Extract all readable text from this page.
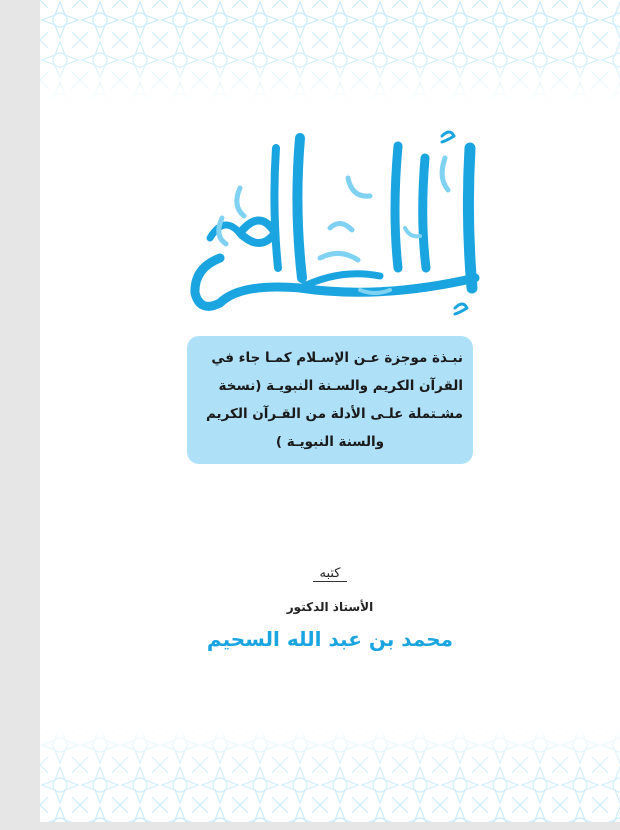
نبـذة موجزة عـن الإسـلام كمـا جاء في
القرآن الكريم والسـنة النبويـة (نسخة
مشـتملة علـى الأدلة من القـرآن الكريم
والسنة النبويـة )
كتبه
الأستاذ الدكتور
محمد بن عبد الله السحيم
